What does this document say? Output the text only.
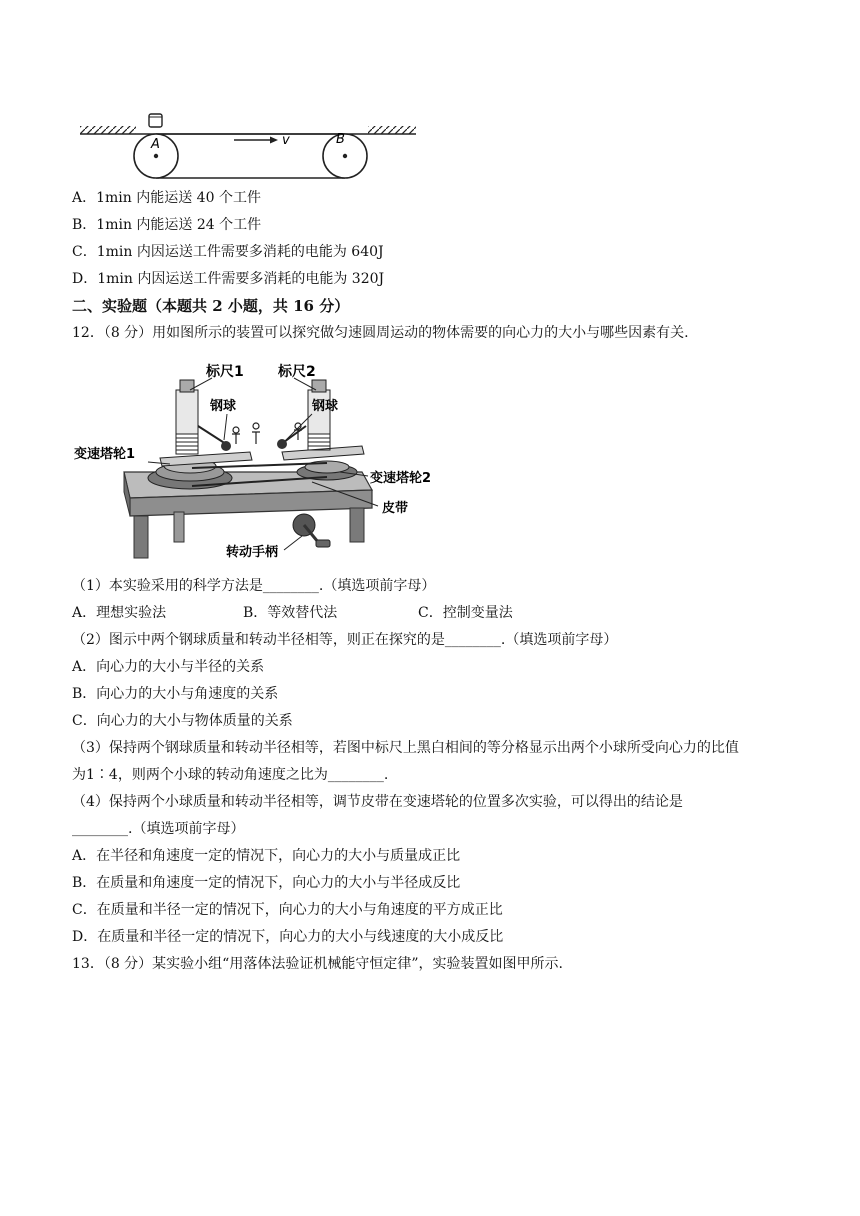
A	B
v
A．1min 内能运送 40 个工件
B．1min 内能运送 24 个工件
C．1min 内因运送工件需要多消耗的电能为 640J
D．1min 内因运送工件需要多消耗的电能为 320J
二、实验题（本题共 2 小题，共 16 分）
12．（8 分）用如图所示的装置可以探究做匀速圆周运动的物体需要的向心力的大小与哪些因素有关.
标尺1 标尺2
钢球	钢球
变速塔轮1
变速塔轮2
皮带
转动手柄
（1）本实验采用的科学方法是________.（填选项前字母）
A．理想实验法	B．等效替代法	C．控制变量法
（2）图示中两个钢球质量和转动半径相等，则正在探究的是________.（填选项前字母）
A．向心力的大小与半径的关系
B．向心力的大小与角速度的关系
C．向心力的大小与物体质量的关系
（3）保持两个钢球质量和转动半径相等，若图中标尺上黑白相间的等分格显示出两个小球所受向心力的比值
为1∶4，则两个小球的转动角速度之比为________.
（4）保持两个小球质量和转动半径相等，调节皮带在变速塔轮的位置多次实验，可以得出的结论是
________.（填选项前字母）
A．在半径和角速度一定的情况下，向心力的大小与质量成正比
B．在质量和角速度一定的情况下，向心力的大小与半径成反比
C．在质量和半径一定的情况下，向心力的大小与角速度的平方成正比
D．在质量和半径一定的情况下，向心力的大小与线速度的大小成反比
13．（8 分）某实验小组“用落体法验证机械能守恒定律”，实验装置如图甲所示.
